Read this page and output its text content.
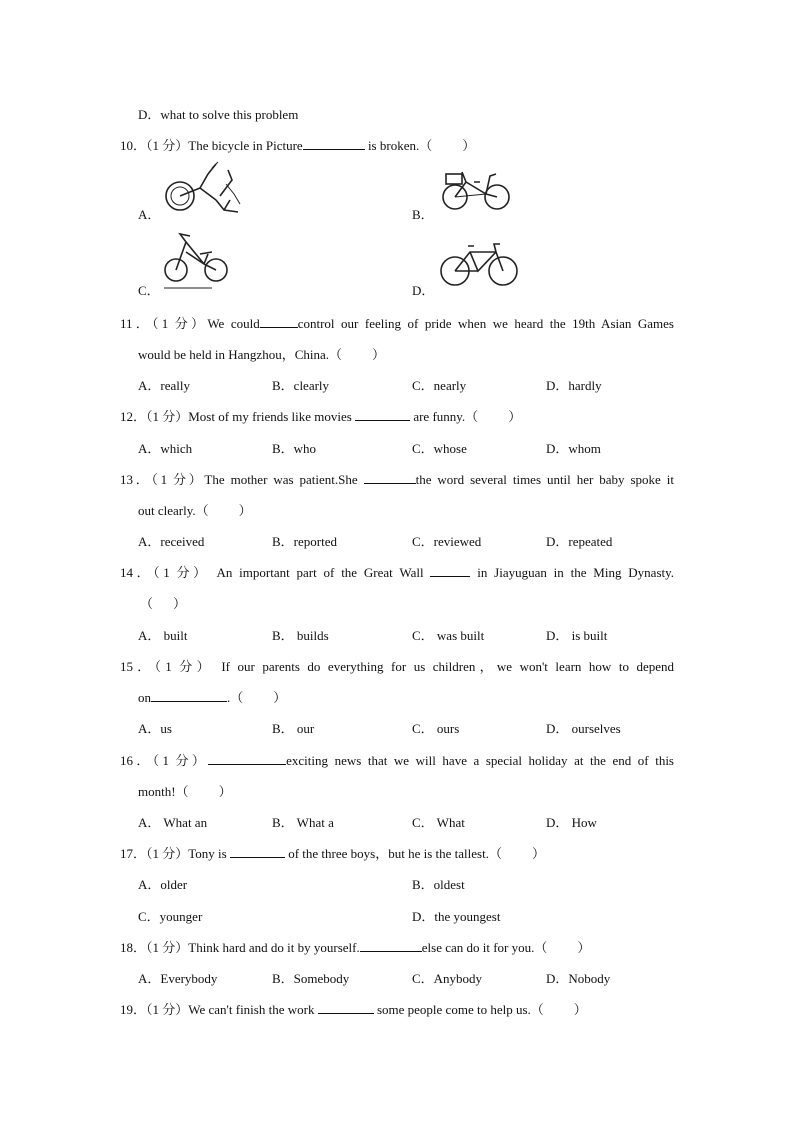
D．what to solve this problem
10．（1 分）The bicycle in Picture	is broken.（ ）
A．	B．
C．	D．
11．（1 分）We could	control our feeling of pride when we heard the 19th Asian Games
would be held in Hangzhou，China.（ ）
A．really	B．clearly	C．nearly	D．hardly
12．（1 分）Most of my friends like movies	are funny.（ ）
A．which	B．who	C．whose	D．whom
13．（1 分）The mother was patient.She	the word several times until her baby spoke it
out clearly.（ ）
A．received	B．reported	C．reviewed	D．repeated
14．（1 分） An important part of the Great Wall	in Jiayuguan in the Ming Dynasty.
（ ）
A． built	B． builds	C． was built	D． is built
15．（1 分） If our parents do everything for us children，we won't learn how to depend
on	.（ ）
A．us	B． our	C． ours	D． ourselves
16．（1 分）	exciting news that we will have a special holiday at the end of this
month!（ ）
A． What an	B． What a	C． What	D． How
17．（1 分）Tony is	of the three boys，but he is the tallest.（ ）
A．older	B．oldest
C．younger	D．the youngest
18．（1 分）Think hard and do it by yourself.	else can do it for you.（ ）
A．Everybody	B．Somebody	C．Anybody	D．Nobody
19．（1 分）We can't finish the work	some people come to help us.（ ）
